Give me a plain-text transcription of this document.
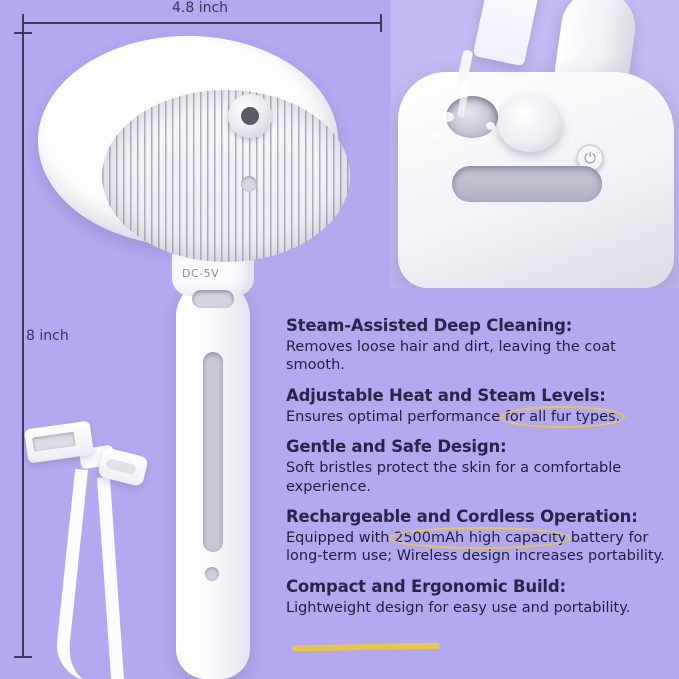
4.8 inch
8 inch
DC-5V
⏻

Steam-Assisted Deep Cleaning:

Removes loose hair and dirt, leaving the coat smooth.

Adjustable Heat and Steam Levels:

Ensures optimal performance for all fur types.

Gentle and Safe Design:

Soft bristles protect the skin for a comfortable experience.

Rechargeable and Cordless Operation:

Equipped with 2500mAh high capacity battery for long-term use; Wireless design increases portability.

Compact and Ergonomic Build:

Lightweight design for easy use and portability.
